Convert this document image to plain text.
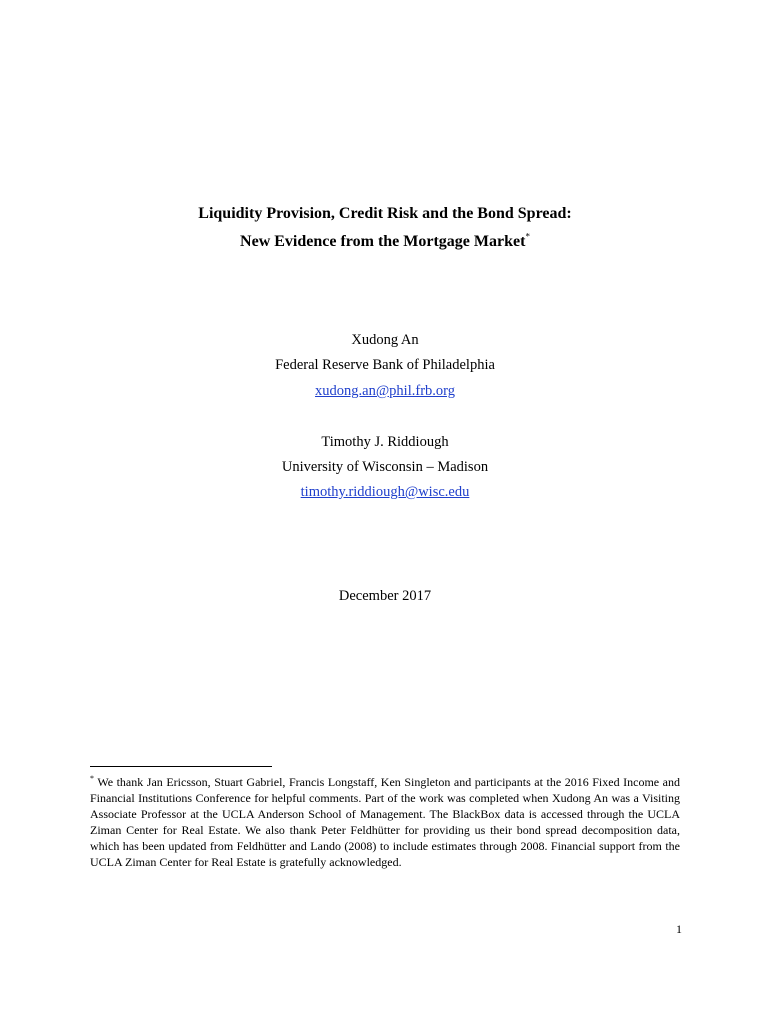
Liquidity Provision, Credit Risk and the Bond Spread:
New Evidence from the Mortgage Market*
Xudong An
Federal Reserve Bank of Philadelphia
xudong.an@phil.frb.org
Timothy J. Riddiough
University of Wisconsin – Madison
timothy.riddiough@wisc.edu
December 2017
* We thank Jan Ericsson, Stuart Gabriel, Francis Longstaff, Ken Singleton and participants at the 2016 Fixed Income and Financial Institutions Conference for helpful comments. Part of the work was completed when Xudong An was a Visiting Associate Professor at the UCLA Anderson School of Management. The BlackBox data is accessed through the UCLA Ziman Center for Real Estate. We also thank Peter Feldhütter for providing us their bond spread decomposition data, which has been updated from Feldhütter and Lando (2008) to include estimates through 2008. Financial support from the UCLA Ziman Center for Real Estate is gratefully acknowledged.
1
